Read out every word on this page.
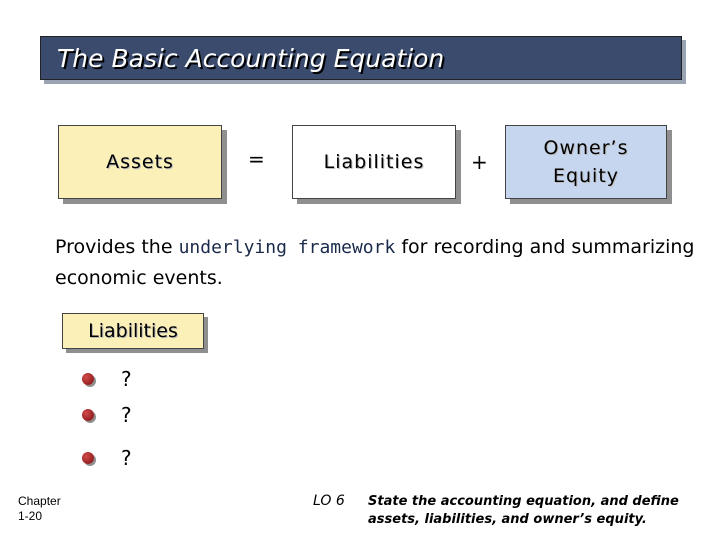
The Basic Accounting Equation
Assets	=	Liabilities +
Owner’s
Equity
Provides the underlying framework for recording and summarizing economic events.
Liabilities
?
?
?
Chapter
1-20
LO 6 State the accounting equation, and define
assets, liabilities, and owner’s equity.
